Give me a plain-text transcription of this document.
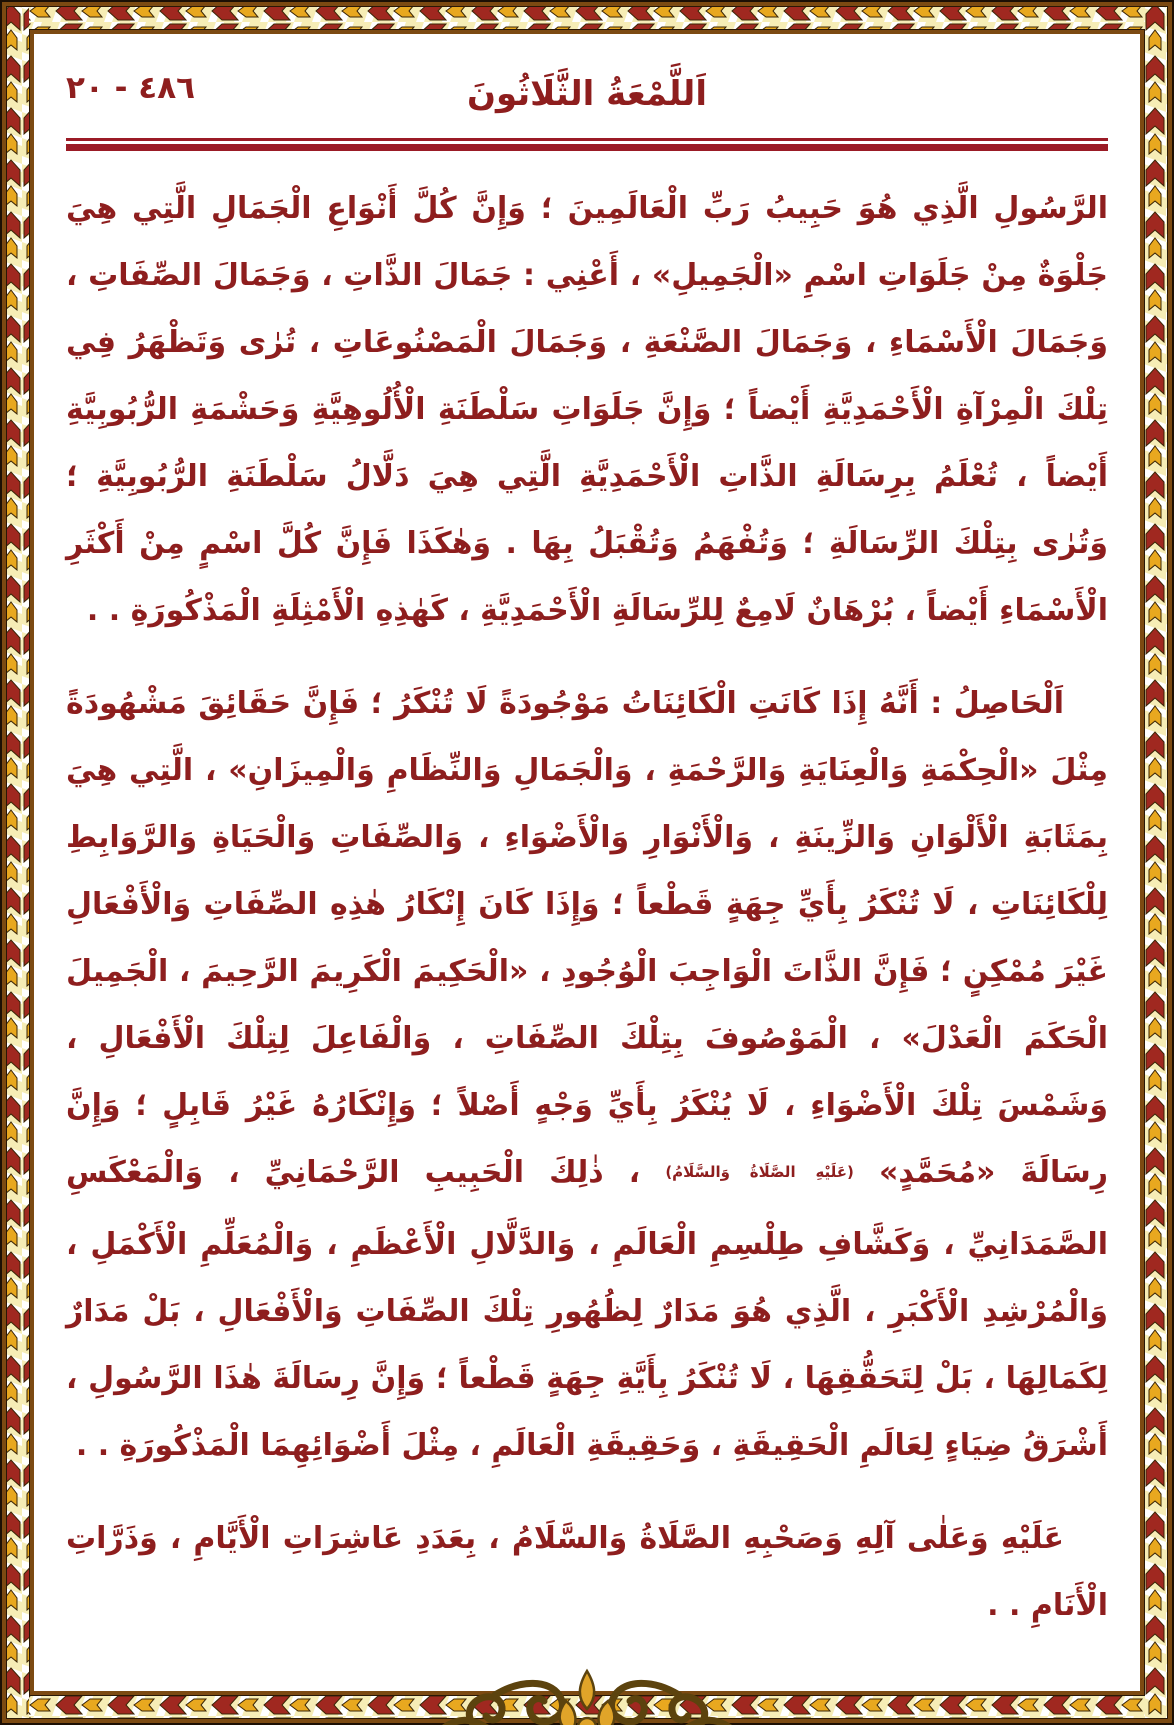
اَللَّمْعَةُ الثَّلَاثُونَ
٤٨٦ - ٢٠

الرَّسُولِ الَّذِي هُوَ حَبِيبُ رَبِّ الْعَالَمِينَ ؛ وَإِنَّ كُلَّ أَنْوَاعِ الْجَمَالِ الَّتِي هِيَ جَلْوَةٌ مِنْ جَلَوَاتِ اسْمِ «الْجَمِيلِ» ، أَعْنِي : جَمَالَ الذَّاتِ ، وَجَمَالَ الصِّفَاتِ ، وَجَمَالَ الْأَسْمَاءِ ، وَجَمَالَ الصَّنْعَةِ ، وَجَمَالَ الْمَصْنُوعَاتِ ، تُرٰى وَتَظْهَرُ فِي تِلْكَ الْمِرْآةِ الْأَحْمَدِيَّةِ أَيْضاً ؛ وَإِنَّ جَلَوَاتِ سَلْطَنَةِ الْأُلُوهِيَّةِ وَحَشْمَةِ الرُّبُوبِيَّةِ أَيْضاً ، تُعْلَمُ بِرِسَالَةِ الذَّاتِ الْأَحْمَدِيَّةِ الَّتِي هِيَ دَلَّالُ سَلْطَنَةِ الرُّبُوبِيَّةِ ؛ وَتُرٰى بِتِلْكَ الرِّسَالَةِ ؛ وَتُفْهَمُ وَتُقْبَلُ بِهَا . وَهٰكَذَا فَإِنَّ كُلَّ اسْمٍ مِنْ أَكْثَرِ الْأَسْمَاءِ أَيْضاً ، بُرْهَانٌ لَامِعٌ لِلرِّسَالَةِ الْأَحْمَدِيَّةِ ، كَهٰذِهِ الْأَمْثِلَةِ الْمَذْكُورَةِ . .

اَلْحَاصِلُ : أَنَّهُ إِذَا كَانَتِ الْكَائِنَاتُ مَوْجُودَةً لَا تُنْكَرُ ؛ فَإِنَّ حَقَائِقَ مَشْهُودَةً مِثْلَ «الْحِكْمَةِ وَالْعِنَايَةِ وَالرَّحْمَةِ ، وَالْجَمَالِ وَالنِّظَامِ وَالْمِيزَانِ» ، الَّتِي هِيَ بِمَثَابَةِ الْأَلْوَانِ وَالزِّينَةِ ، وَالْأَنْوَارِ وَالْأَضْوَاءِ ، وَالصِّفَاتِ وَالْحَيَاةِ وَالرَّوَابِطِ لِلْكَائِنَاتِ ، لَا تُنْكَرُ بِأَيِّ جِهَةٍ قَطْعاً ؛ وَإِذَا كَانَ إِنْكَارُ هٰذِهِ الصِّفَاتِ وَالْأَفْعَالِ غَيْرَ مُمْكِنٍ ؛ فَإِنَّ الذَّاتَ الْوَاجِبَ الْوُجُودِ ، «الْحَكِيمَ الْكَرِيمَ الرَّحِيمَ ، الْجَمِيلَ الْحَكَمَ الْعَدْلَ» ، الْمَوْصُوفَ بِتِلْكَ الصِّفَاتِ ، وَالْفَاعِلَ لِتِلْكَ الْأَفْعَالِ ، وَشَمْسَ تِلْكَ الْأَضْوَاءِ ، لَا يُنْكَرُ بِأَيِّ وَجْهٍ أَصْلاً ؛ وَإِنْكَارُهُ غَيْرُ قَابِلٍ ؛ وَإِنَّ رِسَالَةَ «مُحَمَّدٍ» (عَلَيْهِ الصَّلَاةُ وَالسَّلَامُ) ، ذٰلِكَ الْحَبِيبِ الرَّحْمَانِيِّ ، وَالْمَعْكَسِ الصَّمَدَانِيِّ ، وَكَشَّافِ طِلْسِمِ الْعَالَمِ ، وَالدَّلَّالِ الْأَعْظَمِ ، وَالْمُعَلِّمِ الْأَكْمَلِ ، وَالْمُرْشِدِ الْأَكْبَرِ ، الَّذِي هُوَ مَدَارٌ لِظُهُورِ تِلْكَ الصِّفَاتِ وَالْأَفْعَالِ ، بَلْ مَدَارٌ لِكَمَالِهَا ، بَلْ لِتَحَقُّقِهَا ، لَا تُنْكَرُ بِأَيَّةِ جِهَةٍ قَطْعاً ؛ وَإِنَّ رِسَالَةَ هٰذَا الرَّسُولِ ، أَشْرَقُ ضِيَاءٍ لِعَالَمِ الْحَقِيقَةِ ، وَحَقِيقَةِ الْعَالَمِ ، مِثْلَ أَضْوَائِهِمَا الْمَذْكُورَةِ . .

عَلَيْهِ وَعَلٰى آلِهِ وَصَحْبِهِ الصَّلَاةُ وَالسَّلَامُ ، بِعَدَدِ عَاشِرَاتِ الْأَيَّامِ ، وَذَرَّاتِ الْأَنَامِ . .
